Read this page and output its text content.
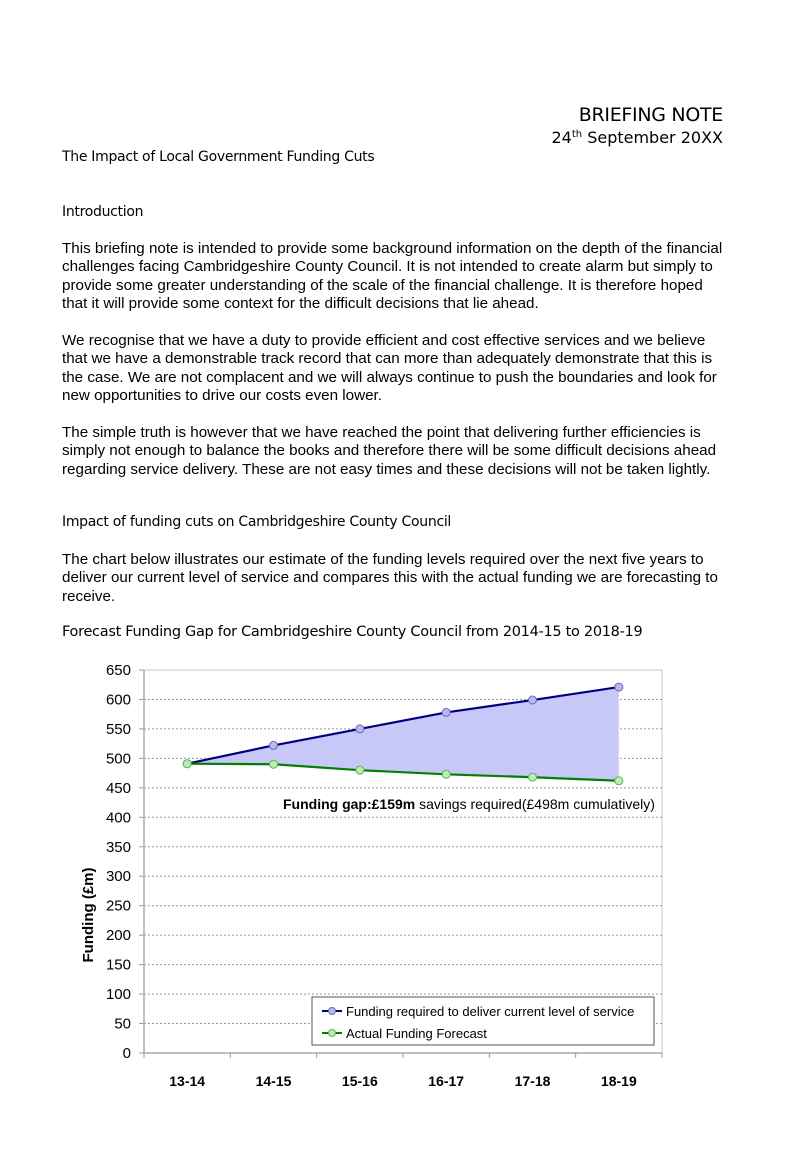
BRIEFING NOTE
24th September 20XX
The Impact of Local Government Funding Cuts
Introduction

This briefing note is intended to provide some background information on the depth of the financial challenges facing Cambridgeshire County Council. It is not intended to create alarm but simply to provide some greater understanding of the scale of the financial challenge. It is therefore hoped that it will provide some context for the difficult decisions that lie ahead.

We recognise that we have a duty to provide efficient and cost effective services and we believe that we have a demonstrable track record that can more than adequately demonstrate that this is the case. We are not complacent and we will always continue to push the boundaries and look for new opportunities to drive our costs even lower.

The simple truth is however that we have reached the point that delivering further efficiencies is simply not enough to balance the books and therefore there will be some difficult decisions ahead regarding service delivery. These are not easy times and these decisions will not be taken lightly.

Impact of funding cuts on Cambridgeshire County Council

The chart below illustrates our estimate of the funding levels required over the next five years to deliver our current level of service and compares this with the actual funding we are forecasting to receive.

Forecast Funding Gap for Cambridgeshire County Council from 2014-15 to 2018-19
0
50
100
150
200
250
300
350
400
450
500
550
600
650
13-14	14-15	15-16	16-17	17-18	18-19
Funding (£m)
Funding gap:£159m savings required(£498m cumulatively)
Funding required to deliver current level of service
Actual Funding Forecast
